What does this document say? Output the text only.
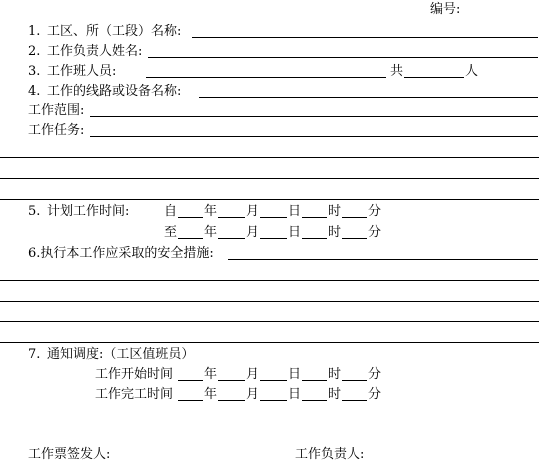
编号:
1. 工区、所（工段）名称:
2. 工作负责人姓名:
3. 工作班人员:	共	人
4. 工作的线路或设备名称:
工作范围:
工作任务:
5. 计划工作时间:	自 年 月 日 时 分
至 年 月 日 时 分
6.执行本工作应采取的安全措施:
7. 通知调度:（工区值班员）
工作开始时间 年 月 日 时 分
工作完工时间 年 月 日 时 分
工作票签发人:	工作负责人:
